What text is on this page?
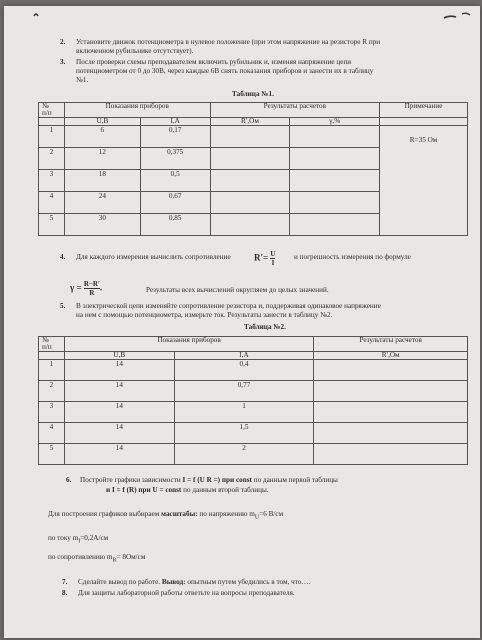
2. Установите движок потенциометра в нулевое положение (при этом напряжение на резисторе R при
включенном рубильнике отсутствует).
3. После проверки схемы преподавателем включить рубильник и, изменяя напряжение цепи
потенциометром от 0 до 30В, через каждые 6В снять показания приборов и занести их в таблицу
№1.
Таблица №1.
№
п/п	Показания приборов		Результаты расчетов		Примечание
	U,В	I,А	R′,Ом	γ,%	
1	6	0,17			R=35 Ом
2	12	0,375			
3	18	0,5			
4	24	0,67			
5	30	0,85			
4. Для каждого измерения вычислить сопротивление	$R'= \frac{U}{I}$	и погрешность измерения по формуле
$\gamma = \frac{R-R'}{R}$ .	Результаты всех вычислений округляем до целых значений.
5. В электрической цепи изменяйте сопротивление резистора и, поддерживая одинаковое напряжение
на нем с помощью потенциометра, измерьте ток. Результаты занести в таблицу №2.
Таблица №2.
№
п/п	Показания приборов		Результаты расчетов
	U,В	I,А	R′,Ом
1	14	0,4	
2	14	0,77	
3	14	1	
4	14	1,5	
5	14	2	
6. Постройте графики зависимости I = f (U R =) при const по данным первой таблицы
и I = f (R) при U = const по данным второй таблицы.
Для построения графиков выбираем масштабы: по напряжению $m_U=6$ В/см
по току $m_I=0,2А/см$
по сопротивлению $m_R= 8Ом/см$
7. Сделайте вывод по работе. Вывод: опытным путем убедились в том, что….
8. Для защиты лабораторной работы ответьте на вопросы преподавателя.
